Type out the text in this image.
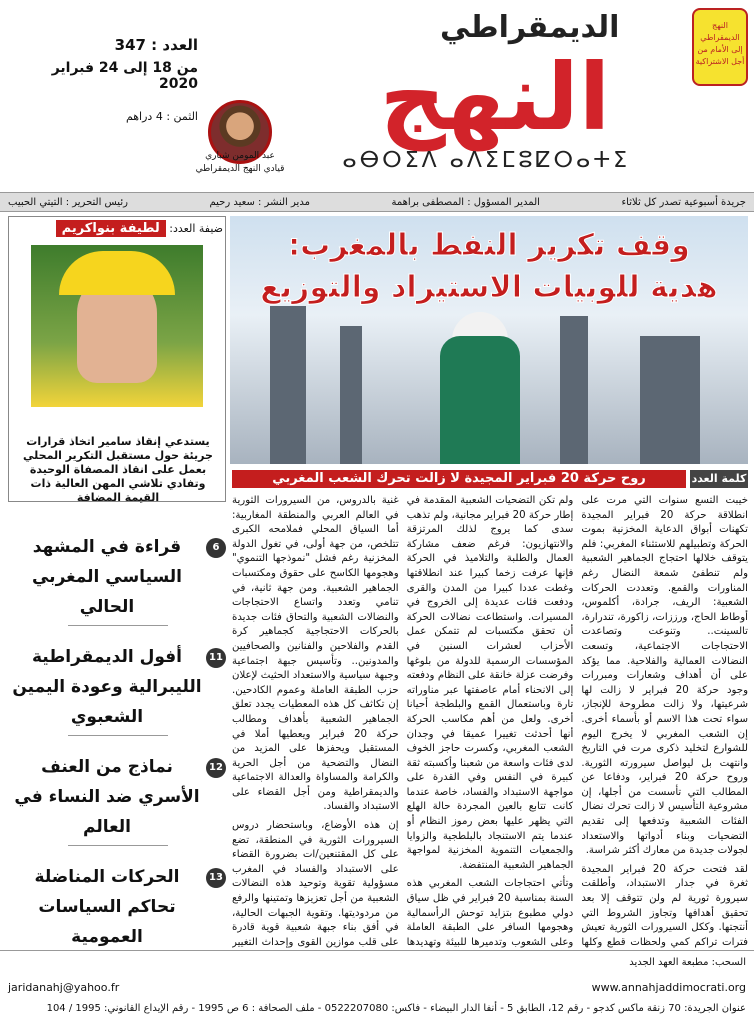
العدد : 347
من 18 إلى 24 فبراير 2020
الثمن : 4 دراهم
عبد المومن شباري
قيادي النهج الديمقراطي
الديمقراطي
النهج
ⴰⴱⵔⵉⴷ ⴰⴷⵉⵎⵓⵇⵔⴰⵜⵉ
النهج الديمقراطي إلى الأمام من أجل الاشتراكية
جريدة أسبوعية تصدر كل ثلاثاء
المدير المسؤول : المصطفى براهمة
مدير النشر : سعيد رحيم
رئيس التحرير : التيتي الحبيب
وقف تكرير النفط بالمغرب:
هدية للوبيات الاستيراد والتوزيع
ضيفة العدد: لطيفة بنواكريم
يستدعي إنقاذ سامير اتخاذ قرارات جريئة حول مستقبل التكرير المحلي بعمل على انقاذ المصفاة الوحيدة وتفادي تلاشي المهن العالية ذات القيمة المضافة
كلمة العدد
روح حركة 20 فبراير المجيدة لا زالت تحرك الشعب المغربي

خيبت التسع سنوات التي مرت على انطلاقة حركة 20 فبراير المجيدة تكهنات أبواق الدعاية المخزنية بموت الحركة وتطبيلهم للاستثناء المغربي: فلم يتوقف خلالها احتجاج الجماهير الشعبية ولم تنطفئ شمعة النضال رغم المناورات والقمع. وتعددت الحركات الشعبية: الريف، جرادة، أكلموس، أوطاط الحاج، ورززات، زاكورة، تندرارة، تالسينت.. وتنوعت وتصاعدت الاحتجاجات الاجتماعية، وتسعت النضالات العمالية والفلاحية. مما يؤكد على أن أهداف وشعارات ومبررات وجود حركة 20 فبراير لا زالت لها شرعيتها، ولا زالت مطروحة للإنجاز، سواء تحت هذا الاسم أو بأسماء أخرى. إن الشعب المغربي لا يخرج اليوم للشوارع لتخليد ذكرى مرت في التاريخ وانتهت بل ليواصل سيرورته الثورية. وروح حركة 20 فبراير، ودفاعا عن المطالب التي تأسست من أجلها، إن مشروعية التأسيس لا زالت تحرك نضال الفئات الشعبية وتدفعها إلى تقديم التضحيات وبناء أدواتها والاستعداد لجولات جديدة من معارك أكثر شراسة.

لقد فتحت حركة 20 فبراير المجيدة ثغرة في جدار الاستبداد، وأطلقت سيرورة ثورية لم ولن تتوقف إلا بعد تحقيق أهدافها وتجاوز الشروط التي أنتجتها. وككل السيرورات الثورية تعيش فترات تراكم كمي ولحظات قطع وكلها

ولم تكن التضحيات الشعبية المقدمة في إطار حركة 20 فبراير مجانية، ولم تذهب سدى كما يروج لذلك المرتزقة والانتهازيون: فرغم ضعف مشاركة العمال والطلبة والتلاميذ في الحركة فإنها عرفت زخما كبيرا عند انطلاقتها وغطت عددا كبيرا من المدن والقرى ودفعت فئات عديدة إلى الخروج في المسيرات. واستطاعت نضالات الحركة أن تحقق مكتسبات لم تتمكن عمل الأحزاب لعشرات السنين في المؤسسات الرسمية للدولة من بلوغها وفرضت عزلة خانقة على النظام ودفعته إلى الانحناء أمام عاصفتها عبر مناوراته تارة وباستعمال القمع والبلطجة أحيانا أخرى. ولعل من أهم مكاسب الحركة أنها أحدثت تغييرا عميقا في وجدان الشعب المغربي، وكسرت حاجز الخوف لدى فئات واسعة من شعبنا وأكسبته ثقة كبيرة في النفس وفي القدرة على مواجهة الاستبداد والفساد، خاصة عندما كانت تتابع بالعين المجردة حالة الهلع التي يظهر عليها بعض رموز النظام أو عندما يتم الاستنجاد بالبلطجية والزوايا والجمعيات التنموية المخزنية لمواجهة الجماهير الشعبية المنتفضة.

وتأتي احتجاجات الشعب المغربي هذه السنة بمناسبة 20 فبراير في ظل سياق دولي مطبوع بتزايد توحش الرأسمالية وهجومها السافر على الطبقة العاملة وعلى الشعوب وتدميرها للبيئة وتهديدها

غنية بالدروس، من السيرورات الثورية في العالم العربي والمنطقة المغاربية: أما السياق المحلي فملامحه الكبرى تتلخص، من جهة أولى، في تغول الدولة المخزنية رغم فشل "نموذجها التنموي" وهجومها الكاسح على حقوق ومكتسبات الجماهير الشعبية. ومن جهة ثانية، في تنامي وتعدد واتساع الاحتجاجات والنضالات الشعبية والتحاق فئات جديدة بالحركات الاحتجاجية كجماهير كرة القدم والفلاحين والفنانين والصحافيين والمدونين.. وتأسيس جبهة اجتماعية وجبهة سياسية والاستعداد الحثيث لإعلان حزب الطبقة العاملة وعموم الكادحين. إن تكاثف كل هذه المعطيات يجدد تعلق الجماهير الشعبية بأهداف ومطالب حركة 20 فبراير ويعطيها أملا في المستقبل ويحفزها على المزيد من النضال والتضحية من أجل الحرية والكرامة والمساواة والعدالة الاجتماعية والديمقراطية ومن أجل القضاء على الاستبداد والفساد.

إن هذه الأوضاع، وباستحضار دروس السيرورات الثورية في المنطقة، تضع على كل المقتنعين/ات بضرورة القضاء على الاستبداد والفساد في المغرب مسؤولية تقوية وتوحيد هذه النضالات الشعبية من أجل تعزيزها وتمتينها والرفع من مردوديتها. وتقوية الجبهات الحالية، في أفق بناء جبهة شعبية قوية قادرة على قلب موازين القوى وإحداث التغيير

6
قراءة في المشهد السياسي المغربي الحالي
11
أفول الديمقراطية الليبرالية وعودة اليمين الشعبوي
12
نماذج من العنف الأسري ضد النساء في العالم
13
الحركات المناضلة تحاكم السياسات العمومية
السحب: مطبعة العهد الجديد
www.annahjaddimocrati.org
jaridanahj@yahoo.fr
عنوان الجريدة: 70 زنقة ماكس كدجو - رقم 12، الطابق 5 - أنفا الدار البيضاء - فاكس: 0522207080 - ملف الصحافة : 6 ص 1995 - رقم الإيداع القانوني: 1995 / 104
